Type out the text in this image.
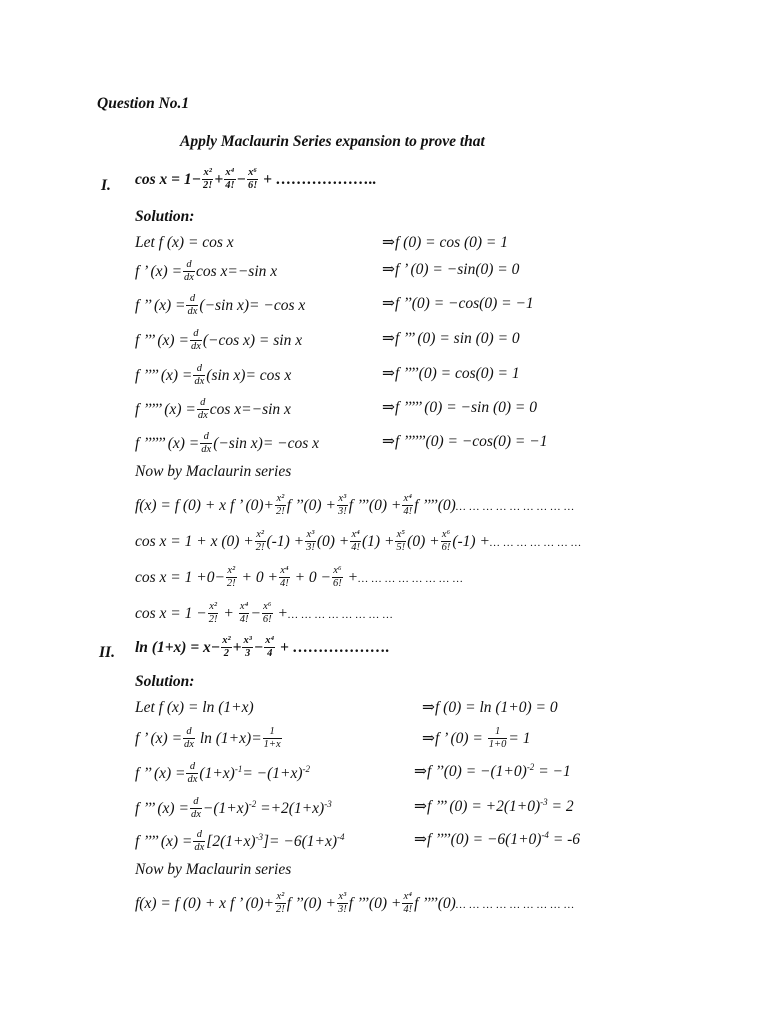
Question No.1
Apply Maclaurin Series expansion to prove that
I. $\cos x = 1- \frac{\text{x²}}{2!} + \frac{\text{x⁴}}{4!} - \frac{\text{x⁶}}{6!}$ + ………………..
Solution:
Let f (x) = cos x	⇒f (0) = cos (0) = 1
f ’ $(x) = \frac{d}{dx}$ cos x=−sin x	⇒f ’ (0) = −sin(0) = 0
f ’’ $(x) = \frac{d}{dx} (-\sin$ x)= −cos x	⇒f ’’(0) = −cos(0) = −1
f ’’’ $(x) = \frac{d}{dx} (-\cos$ x) = sin x	⇒f ’’’ (0) = sin (0) = 0
f ’’’’ $(x) = \frac{d}{dx} (\sin$ x)= cos x	⇒f ’’’’(0) = cos(0) = 1
f ’’’’’ $(x) = \frac{d}{dx}$ cos x=−sin x	⇒f ’’’’’ (0) = −sin (0) = 0
f ’’’’’’ $(x) = \frac{d}{dx} (-\sin$ x)= −cos x	⇒f ’’’’’’(0) = −cos(0) = −1
Now by Maclaurin series
f(x) = f (0) + x f ’ $(0)+ \frac{\text{x²}}{2!}$ f ’’(0) + $\frac{\text{x³}}{3!}$ f ’’’(0) + $\frac{\text{x⁴}}{4!}$ f ’’’’(0)… … … … … … … … …
cos x = 1 + x $(0) + \frac{\text{x²}}{2!} (-1) + \frac{\text{x³}}{3!} (0) + \frac{\text{x⁴}}{4!} (1) + \frac{\text{x⁵}}{5!} (0) + \frac{\text{x⁶}}{6!} (-1)$ +… … … … … … …
$\cos x = 1 +0- \frac{\text{x²}}{2!} + 0 + \frac{\text{x⁴}}{4!} + 0 - \frac{\text{x⁶}}{6!}$ +… … … … … … … …
$\cos x = 1 - \frac{\text{x²}}{2!} + \frac{\text{x⁴}}{4!} - \frac{\text{x⁶}}{6!}$ +… … … … … … … …
II. $\ln (1+x) = x- \frac{\text{x²}}{2} + \frac{\text{x³}}{3} - \frac{\text{x⁴}}{4}$ + ……………….
Solution:
Let f (x) = ln (1+x)	⇒f (0) = ln (1+0) = 0
f ’ $(x) = \frac{d}{dx}$ $\ln (1+x)= \frac{1}{1+x}$	⇒f ’ $(0) = \frac{1}{1+0} = 1$
f ’’ $(x) = \frac{d}{dx} (1+x)^{-1}= -(1+x)^{-2}$	⇒f ’’(0) = $-(1+0)^{-2} = -1$
f ’’’ $(x) = \frac{d}{dx} -(1+x)^{-2} =+2(1+x)^{-3}$	⇒f ’’’ $(0) = +2(1+0)^{-3} = 2$
f ’’’’ $(x) = \frac{d}{dx} [2(1+x)^{-3}]= -6(1+x)^{-4}$	⇒f ’’’’(0) = $-6(1+0)^{-4} = -6$
Now by Maclaurin series
f(x) = f (0) + x f ’ $(0)+ \frac{\text{x²}}{2!}$ f ’’(0) + $\frac{\text{x³}}{3!}$ f ’’’(0) + $\frac{\text{x⁴}}{4!}$ f ’’’’(0)… … … … … … … … …
